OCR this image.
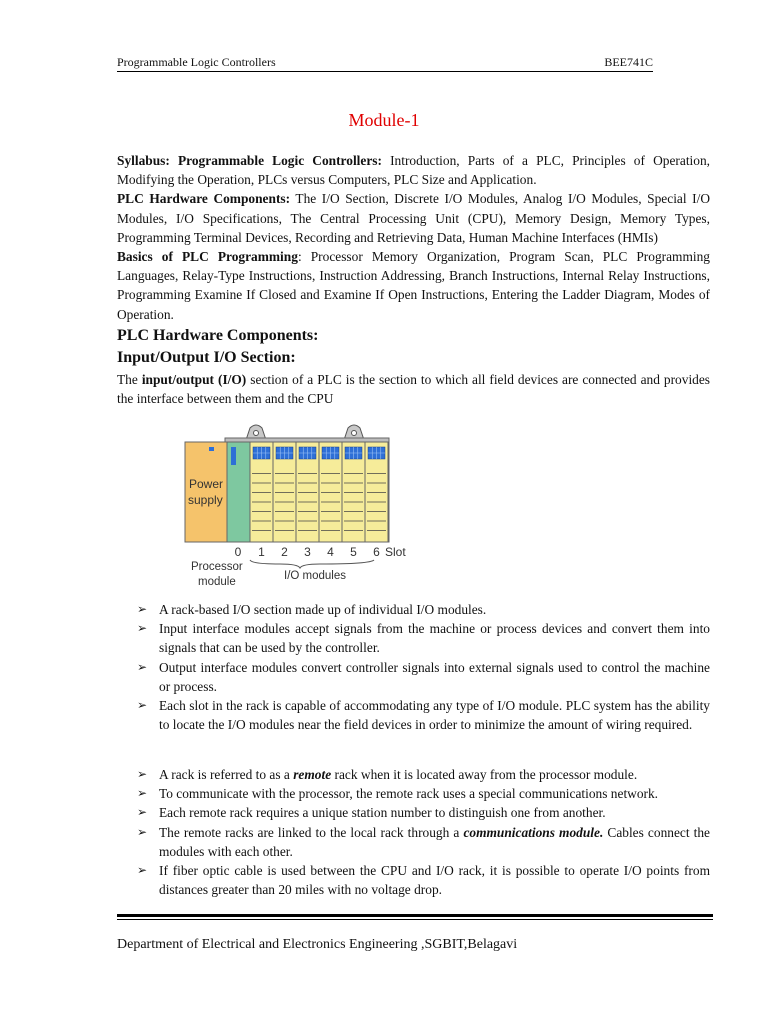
Programmable Logic Controllers	BEE741C
Module-1
Syllabus: Programmable Logic Controllers: Introduction, Parts of a PLC, Principles of Operation, Modifying the Operation, PLCs versus Computers, PLC Size and Application.
PLC Hardware Components: The I/O Section, Discrete I/O Modules, Analog I/O Modules, Special I/O Modules, I/O Specifications, The Central Processing Unit (CPU), Memory Design, Memory Types, Programming Terminal Devices, Recording and Retrieving Data, Human Machine Interfaces (HMIs)
Basics of PLC Programming: Processor Memory Organization, Program Scan, PLC Programming Languages, Relay-Type Instructions, Instruction Addressing, Branch Instructions, Internal Relay Instructions, Programming Examine If Closed and Examine If Open Instructions, Entering the Ladder Diagram, Modes of Operation.
PLC Hardware Components:
Input/Output I/O Section:
The input/output (I/O) section of a PLC is the section to which all field devices are connected and provides the interface between them and the CPU
Power
supply
0 1 2 3 4 5 6 Slot
Processor
module	I/O modules
➢ A rack-based I/O section made up of individual I/O modules.
➢ Input interface modules accept signals from the machine or process devices and convert them into signals that can be used by the controller.
➢ Output interface modules convert controller signals into external signals used to control the machine or process.
➢ Each slot in the rack is capable of accommodating any type of I/O module. PLC system has the ability to locate the I/O modules near the field devices in order to minimize the amount of wiring required.
➢ A rack is referred to as a remote rack when it is located away from the processor module.
➢ To communicate with the processor, the remote rack uses a special communications network.
➢ Each remote rack requires a unique station number to distinguish one from another.
➢ The remote racks are linked to the local rack through a communications module. Cables connect the modules with each other.
➢ If fiber optic cable is used between the CPU and I/O rack, it is possible to operate I/O points from distances greater than 20 miles with no voltage drop.
Department of Electrical and Electronics Engineering ,SGBIT,Belagavi
